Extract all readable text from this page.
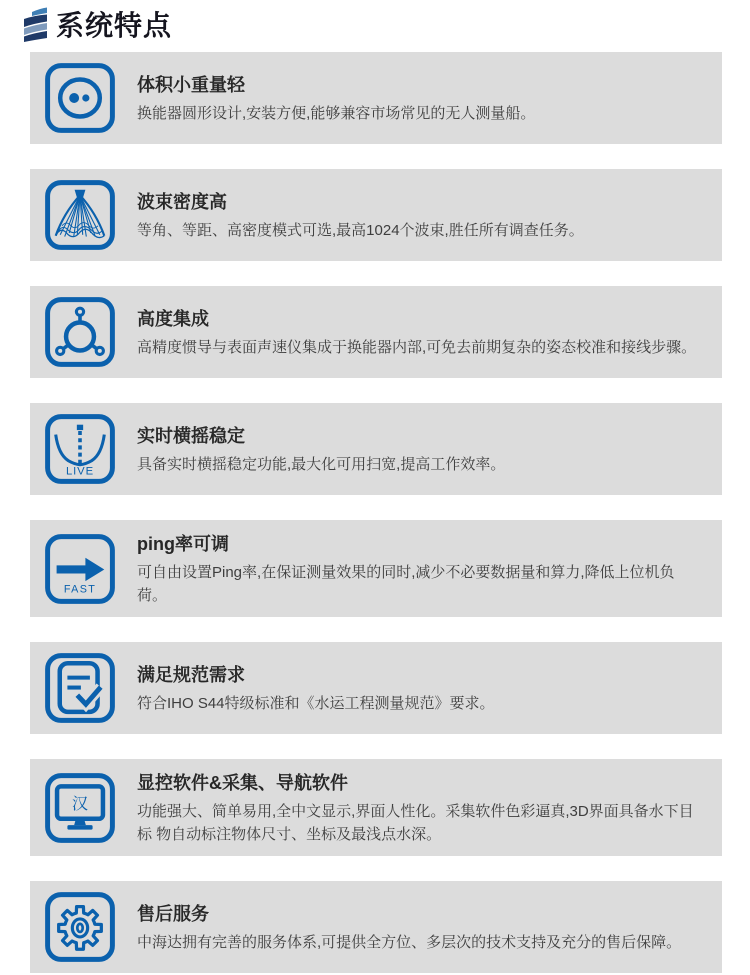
系统特点
体积小重量轻

换能器圆形设计,安装方便,能够兼容市场常见的无人测量船。

波束密度高

等角、等距、高密度模式可选,最高1024个波束,胜任所有调查任务。

高度集成

高精度惯导与表面声速仪集成于换能器内部,可免去前期复杂的姿态校准和接线步骤。

LIVE
实时横摇稳定

具备实时横摇稳定功能,最大化可用扫宽,提高工作效率。

FAST
ping率可调

可自由设置Ping率,在保证测量效果的同时,减少不必要数据量和算力,降低上位机负荷。

满足规范需求

符合IHO S44特级标准和《水运工程测量规范》要求。

汉
显控软件&采集、导航软件

功能强大、简单易用,全中文显示,界面人性化。采集软件色彩逼真,3D界面具备水下目标 物自动标注物体尺寸、坐标及最浅点水深。

售后服务

中海达拥有完善的服务体系,可提供全方位、多层次的技术支持及充分的售后保障。
